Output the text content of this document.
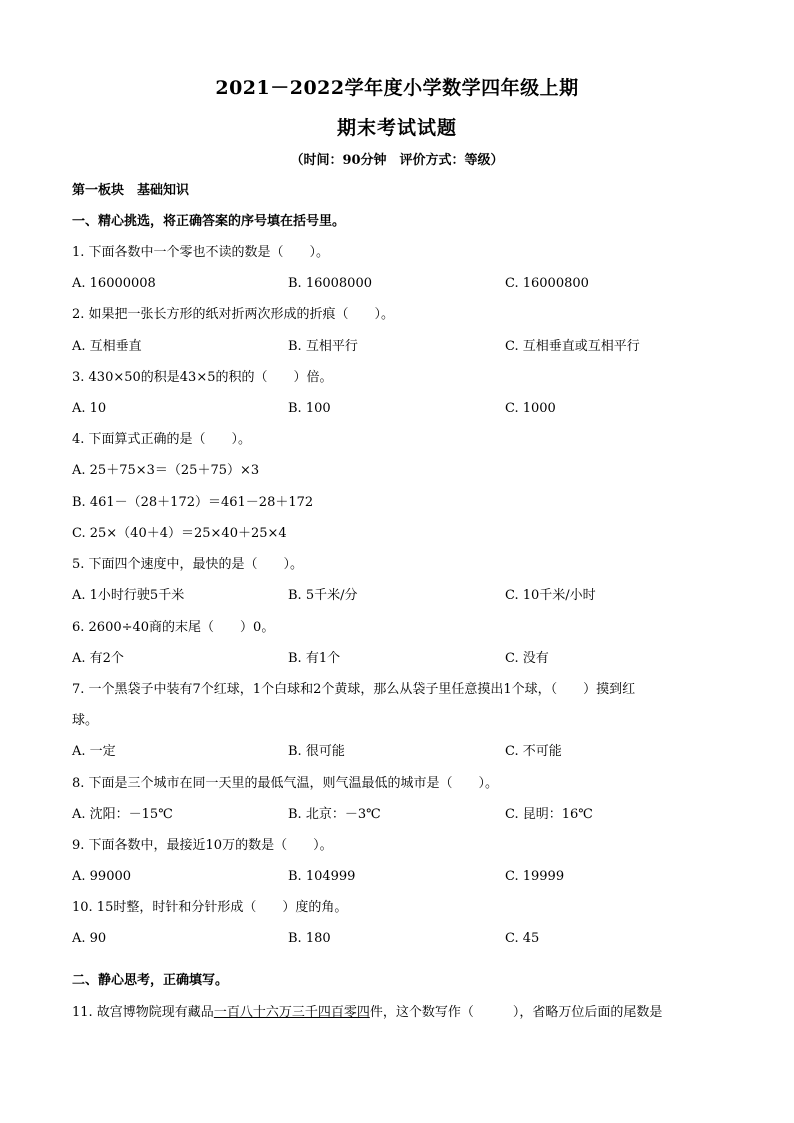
2021－2022学年度小学数学四年级上期
期末考试试题
（时间：90分钟　评价方式：等级）
第一板块　基础知识
一、精心挑选，将正确答案的序号填在括号里。
1. 下面各数中一个零也不读的数是（　　）。
A. 16000008	B. 16008000	C. 16000800
2. 如果把一张长方形的纸对折两次形成的折痕（　　）。
A. 互相垂直	B. 互相平行	C. 互相垂直或互相平行
3. 430×50的积是43×5的积的（　　）倍。
A. 10	B. 100	C. 1000
4. 下面算式正确的是（　　）。
A. 25＋75×3＝（25＋75）×3
B. 461－（28＋172）＝461－28＋172
C. 25×（40＋4）＝25×40＋25×4
5. 下面四个速度中，最快的是（　　）。
A. 1小时行驶5千米	B. 5千米/分	C. 10千米/小时
6. 2600÷40商的末尾（　　）0。
A. 有2个	B. 有1个	C. 没有
7. 一个黑袋子中装有7个红球，1个白球和2个黄球，那么从袋子里任意摸出1个球，（　　）摸到红
球。
A. 一定	B. 很可能	C. 不可能
8. 下面是三个城市在同一天里的最低气温，则气温最低的城市是（　　）。
A. 沈阳：－15℃	B. 北京：－3℃	C. 昆明：16℃
9. 下面各数中，最接近10万的数是（　　）。
A. 99000	B. 104999	C. 19999
10. 15时整，时针和分针形成（　　）度的角。
A. 90	B. 180	C. 45
二、静心思考，正确填写。
11. 故宫博物院现有藏品一百八十六万三千四百零四件，这个数写作（　　　），省略万位后面的尾数是
